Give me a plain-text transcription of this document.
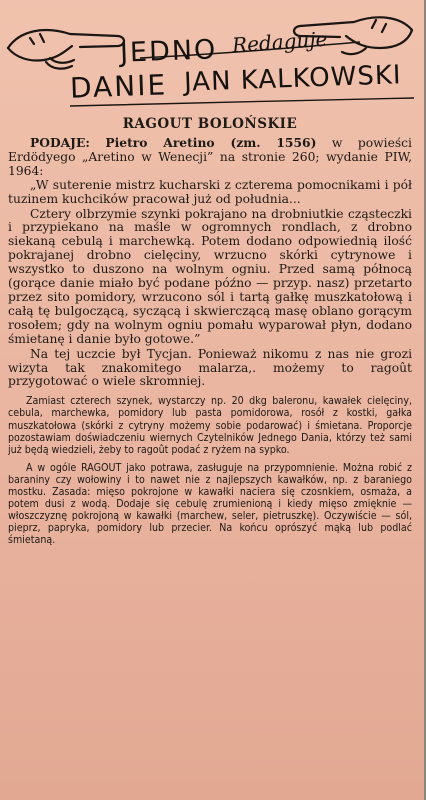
JEDNO Redaguje
DANIE JAN KALKOWSKI
RAGOUT BOLOŃSKIE

PODAJE: Pietro Aretino (zm. 1556) w powieści Erdödyego „Aretino w Wenecji” na stronie 260; wydanie PIW, 1964:

„W suterenie mistrz kucharski z czterema pomocnikami i pół tuzinem kuchcików pracował już od południa...

Cztery olbrzymie szynki pokrajano na drobniutkie cząsteczki i przypiekano na maśle w ogromnych rondlach, z drobno siekaną cebulą i marchewką. Potem dodano odpowiednią ilość pokrajanej drobno cielęciny, wrzucno skórki cytrynowe i wszystko to duszono na wolnym ogniu. Przed samą północą (gorące danie miało być podane późno — przyp. nasz) przetarto przez sito pomidory, wrzucono sól i tartą gałkę muszkatołową i całą tę bulgoczącą, syczącą i skwierczącą masę oblano gorącym rosołem; gdy na wolnym ogniu pomału wyparował płyn, dodano śmietanę i danie było gotowe.”

Na tej uczcie był Tycjan. Ponieważ nikomu z nas nie grozi wizyta tak znakomitego malarza,. możemy to ragoût przygotować o wiele skromniej.

Zamiast czterech szynek, wystarczy np. 20 dkg baleronu, kawałek cielęciny, cebula, marchewka, pomidory lub pasta pomidorowa, rosół z kostki, gałka muszkatołowa (skórki z cytryny możemy sobie podarować) i śmietana. Proporcje pozostawiam doświadczeniu wiernych Czytelników Jednego Dania, którzy też sami już będą wiedzieli, żeby to ragoût podać z ryżem na sypko.

A w ogóle RAGOUT jako potrawa, zasługuje na przypomnienie. Można robić z baraniny czy wołowiny i to nawet nie z najlepszych kawałków, np. z baraniego mostku. Zasada: mięso pokrojone w kawałki naciera się czosnkiem, osmaża, a potem dusi z wodą. Dodaje się cebulę zrumienioną i kiedy mięso zmięknie — włoszczyznę pokrojoną w kawałki (marchew, seler, pietruszkę). Oczywiście — sól, pieprz, papryka, pomidory lub przecier. Na końcu oprószyć mąką lub podlać śmietaną.
